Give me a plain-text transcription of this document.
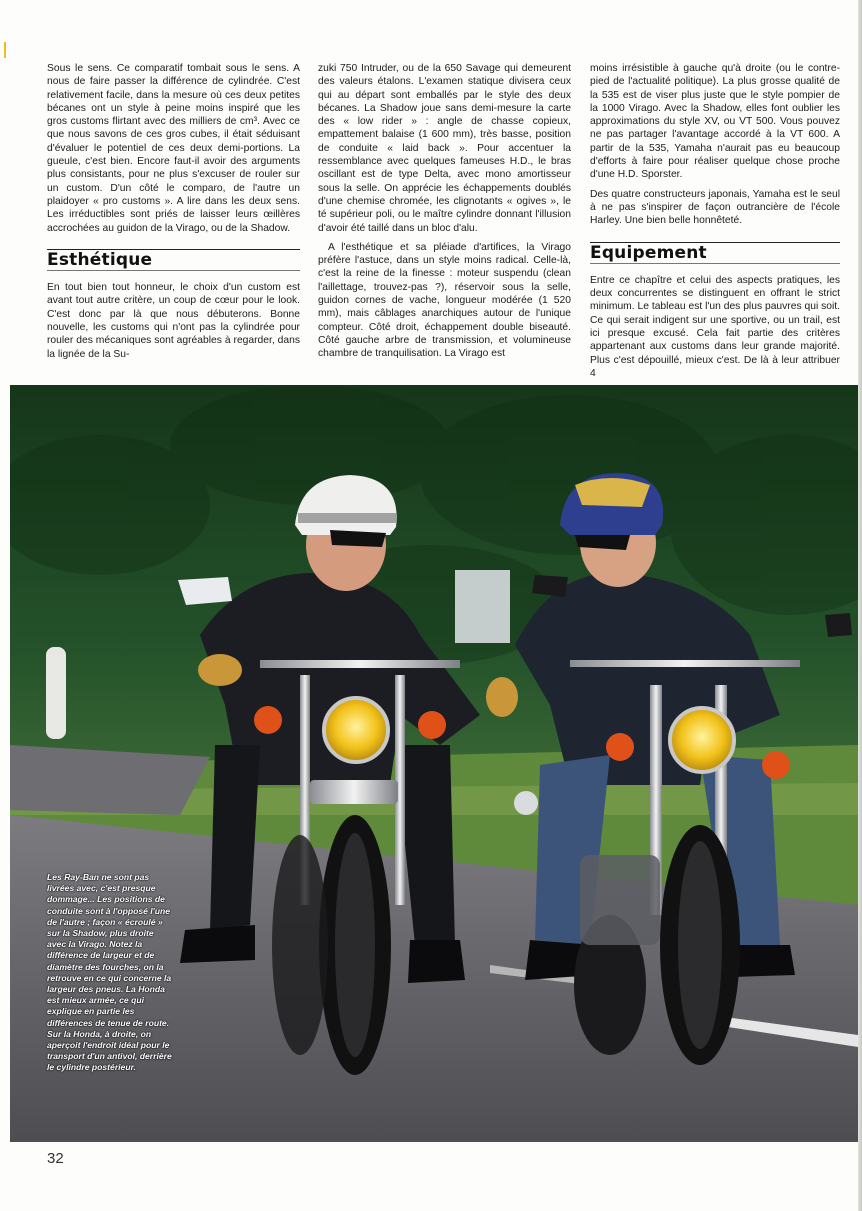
Sous le sens. Ce comparatif tombait sous le sens. A nous de faire passer la différence de cylindrée. C'est relativement facile, dans la mesure où ces deux petites bécanes ont un style à peine moins inspiré que les gros customs flirtant avec des milliers de cm³. Avec ce que nous savons de ces gros cubes, il était séduisant d'évaluer le potentiel de ces deux demi-portions. La gueule, c'est bien. Encore faut-il avoir des arguments plus consistants, pour ne plus s'excuser de rouler sur un custom. D'un côté le comparo, de l'autre un plaidoyer « pro customs ». A lire dans les deux sens. Les irréductibles sont priés de laisser leurs œillères accrochées au guidon de la Virago, ou de la Shadow.

Esthétique

En tout bien tout honneur, le choix d'un custom est avant tout autre critère, un coup de cœur pour le look. C'est donc par là que nous débuterons. Bonne nouvelle, les customs qui n'ont pas la cylindrée pour rouler des mécaniques sont agréables à regarder, dans la lignée de la Su-

zuki 750 Intruder, ou de la 650 Savage qui demeurent des valeurs étalons. L'examen statique divisera ceux qui au départ sont emballés par le style des deux bécanes. La Shadow joue sans demi-mesure la carte des « low rider » : angle de chasse copieux, empattement balaise (1 600 mm), très basse, position de conduite « laid back ». Pour accentuer la ressemblance avec quelques fameuses H.D., le bras oscillant est de type Delta, avec mono amortisseur sous la selle. On apprécie les échappements doublés d'une chemise chromée, les clignotants « ogives », le té supérieur poli, ou le maître cylindre donnant l'illusion d'avoir été taillé dans un bloc d'alu.

A l'esthétique et sa pléiade d'artifices, la Virago préfère l'astuce, dans un style moins radical. Celle-là, c'est la reine de la finesse : moteur suspendu (clean l'aillettage, trouvez-pas ?), réservoir sous la selle, guidon cornes de vache, longueur modérée (1 520 mm), mais câblages anarchiques autour de l'unique compteur. Côté droit, échappement double biseauté. Côté gauche arbre de transmission, et volumineuse chambre de tranquilisation. La Virago est

moins irrésistible à gauche qu'à droite (ou le contre-pied de l'actualité politique). La plus grosse qualité de la 535 est de viser plus juste que le style pompier de la 1000 Virago. Avec la Shadow, elles font oublier les approximations du style XV, ou VT 500. Vous pouvez ne pas partager l'avantage accordé à la VT 600. A partir de la 535, Yamaha n'aurait pas eu beaucoup d'efforts à faire pour réaliser quelque chose proche d'une H.D. Sporster.

Des quatre constructeurs japonais, Yamaha est le seul à ne pas s'inspirer de façon outrancière de l'école Harley. Une bien belle honnêteté.

Equipement

Entre ce chapître et celui des aspects pratiques, les deux concurrentes se distinguent en offrant le strict minimum. Le tableau est l'un des plus pauvres qui soit. Ce qui serait indigent sur une sportive, ou un trail, est ici presque excusé. Cela fait partie des critères appartenant aux customs dans leur grande majorité. Plus c'est dépouillé, mieux c'est. De là à leur attribuer 4

Les Ray-Ban ne sont pas livrées avec, c'est presque dommage... Les positions de conduite sont à l'opposé l'une de l'autre ; façon « écroulé » sur la Shadow, plus droite avec la Virago. Notez la différence de largeur et de diamètre des fourches, on la retrouve en ce qui concerne la largeur des pneus. La Honda est mieux armée, ce qui explique en partie les différences de tenue de route. Sur la Honda, à droite, on aperçoit l'endroit idéal pour le transport d'un antivol, derrière le cylindre postérieur.
32
